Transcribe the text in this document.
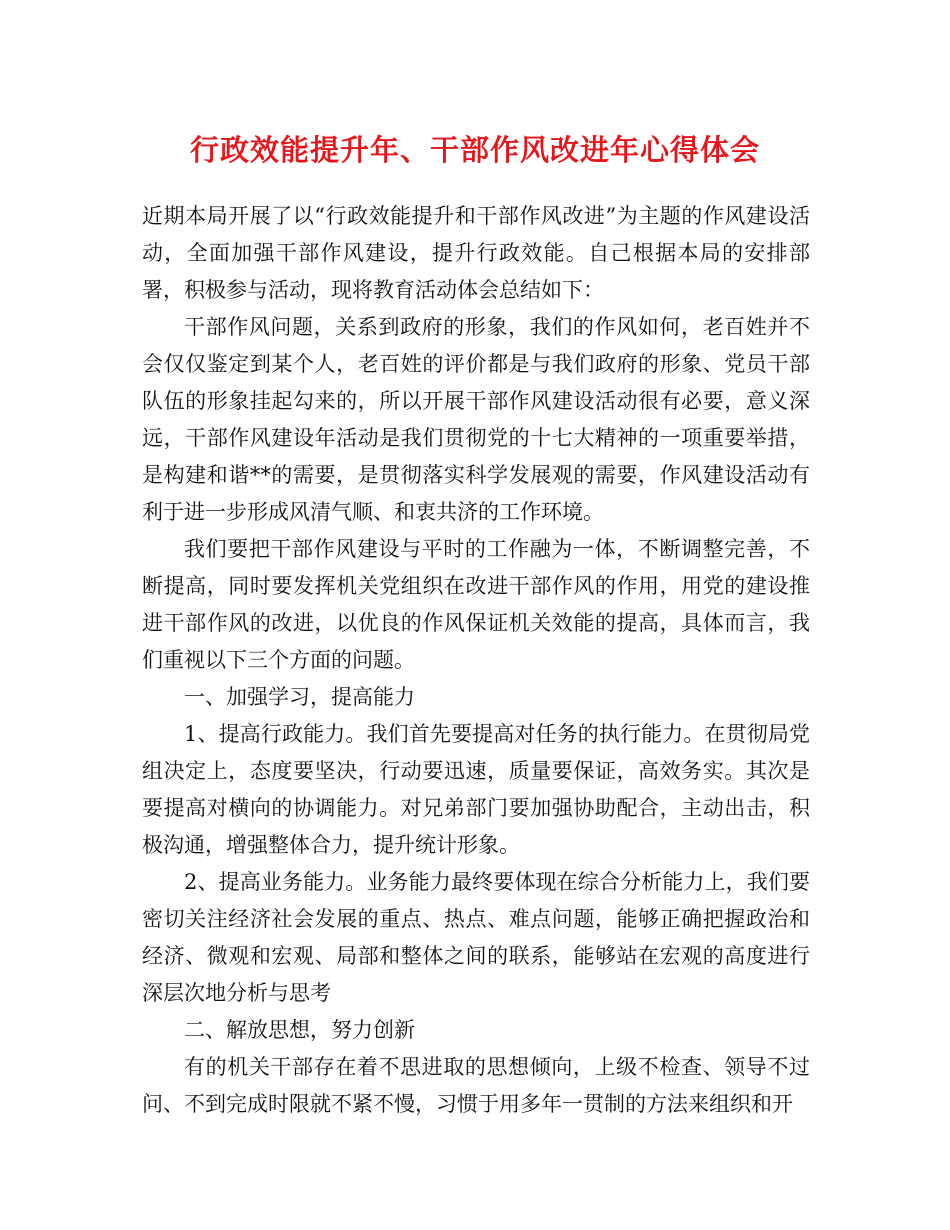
行政效能提升年、干部作风改进年心得体会

近期本局开展了以“行政效能提升和干部作风改进”为主题的作风建设活动，全面加强干部作风建设，提升行政效能。自己根据本局的安排部署，积极参与活动，现将教育活动体会总结如下：

干部作风问题，关系到政府的形象，我们的作风如何，老百姓并不会仅仅鉴定到某个人，老百姓的评价都是与我们政府的形象、党员干部队伍的形象挂起勾来的，所以开展干部作风建设活动很有必要，意义深远，干部作风建设年活动是我们贯彻党的十七大精神的一项重要举措，是构建和谐**的需要，是贯彻落实科学发展观的需要，作风建设活动有利于进一步形成风清气顺、和衷共济的工作环境。

我们要把干部作风建设与平时的工作融为一体，不断调整完善，不断提高，同时要发挥机关党组织在改进干部作风的作用，用党的建设推进干部作风的改进，以优良的作风保证机关效能的提高，具体而言，我们重视以下三个方面的问题。

一、加强学习，提高能力

1、提高行政能力。我们首先要提高对任务的执行能力。在贯彻局党组决定上，态度要坚决，行动要迅速，质量要保证，高效务实。其次是要提高对横向的协调能力。对兄弟部门要加强协助配合，主动出击，积极沟通，增强整体合力，提升统计形象。

2、提高业务能力。业务能力最终要体现在综合分析能力上，我们要密切关注经济社会发展的重点、热点、难点问题，能够正确把握政治和经济、微观和宏观、局部和整体之间的联系，能够站在宏观的高度进行深层次地分析与思考

二、解放思想，努力创新

有的机关干部存在着不思进取的思想倾向，上级不检查、领导不过问、不到完成时限就不紧不慢，习惯于用多年一贯制的方法来组织和开
